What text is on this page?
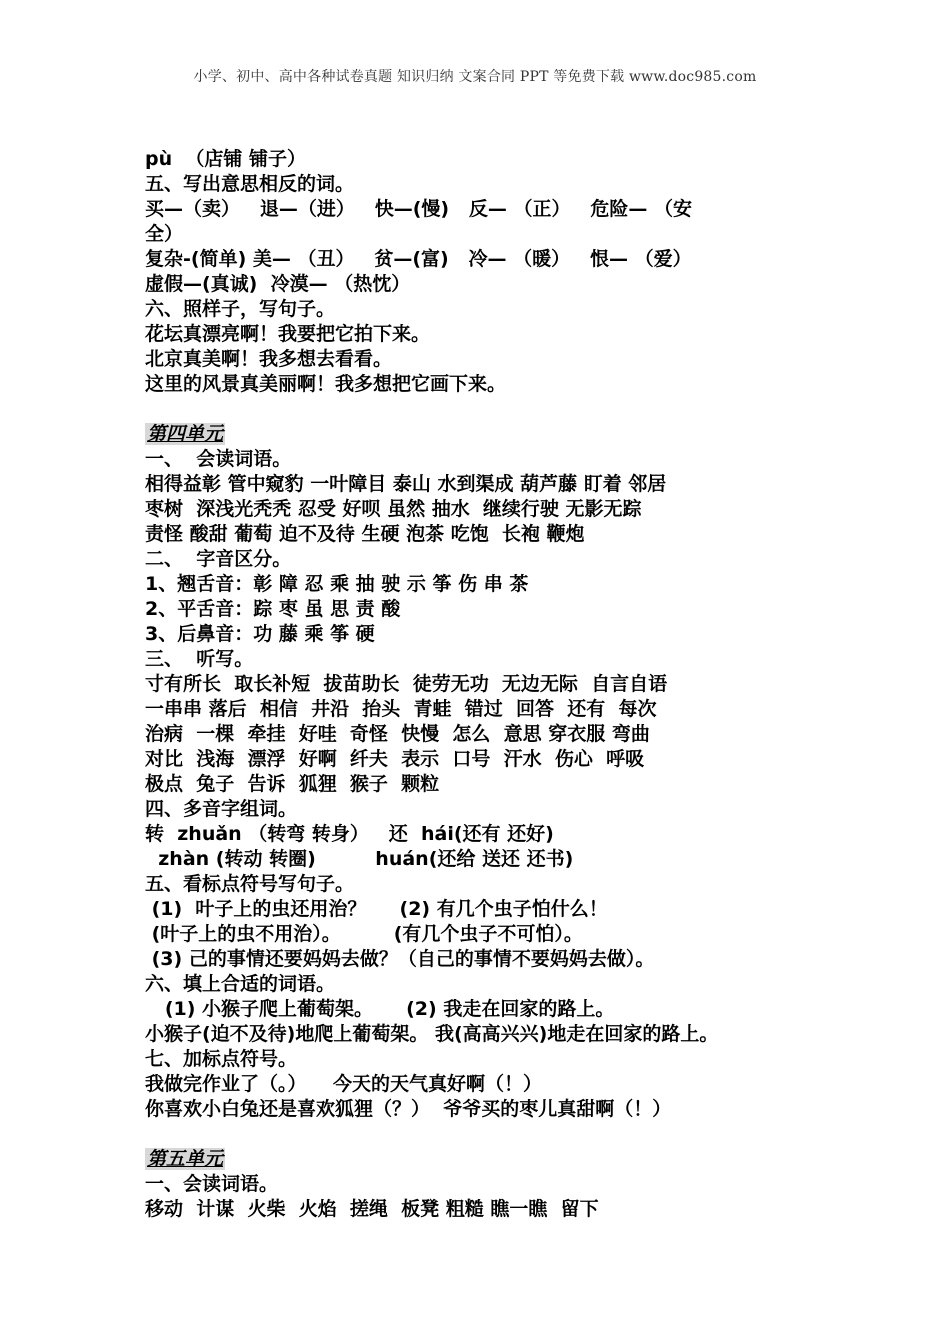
小学、初中、高中各种试卷真题 知识归纳 文案合同 PPT 等免费下载 www.doc985.com
pù  （店铺 铺子）
五、写出意思相反的词。
买—（卖）   退—（进）   快—(慢)   反— （正）   危险— （安
全）
复杂-(简单) 美— （丑）   贫—(富)   冷— （暖）   恨— （爱）
虚假—(真诚)  冷漠— （热忱）
六、照样子，写句子。
花坛真漂亮啊！我要把它拍下来。
北京真美啊！我多想去看看。
这里的风景真美丽啊！我多想把它画下来。
第四单元
一、  会读词语。
相得益彰 管中窥豹 一叶障目 泰山 水到渠成 葫芦藤 盯着 邻居
枣树  深浅光秃秃 忍受 好呗 虽然 抽水  继续行驶 无影无踪
责怪 酸甜 葡萄 迫不及待 生硬 泡茶 吃饱  长袍 鞭炮
二、  字音区分。
1、翘舌音：彰 障 忍 乘 抽 驶 示 筝 伤 串 茶
2、平舌音：踪 枣 虽 思 责 酸
3、后鼻音：功 藤 乘 筝 硬
三、  听写。
寸有所长  取长补短  拔苗助长  徒劳无功  无边无际  自言自语
一串串 落后  相信  井沿  抬头  青蛙  错过  回答  还有  每次
治病  一棵  牵挂  好哇  奇怪  快慢  怎么  意思 穿衣服 弯曲
对比  浅海  漂浮  好啊  纤夫  表示  口号  汗水  伤心  呼吸
极点  兔子  告诉  狐狸  猴子  颗粒
四、多音字组词。
转  zhuǎn （转弯 转身）   还  hái(还有 还好)
zhàn (转动 转圈)         huán(还给 送还 还书)
五、看标点符号写句子。
(1)  叶子上的虫还用治？     (2) 有几个虫子怕什么！
(叶子上的虫不用治）。        (有几个虫子不可怕）。
(3) 己的事情还要妈妈去做？（自己的事情不要妈妈去做）。
六、填上合适的词语。
(1) 小猴子爬上葡萄架。     (2) 我走在回家的路上。
小猴子(迫不及待)地爬上葡萄架。 我(高高兴兴)地走在回家的路上。
七、加标点符号。
我做完作业了（。）    今天的天气真好啊（！）
你喜欢小白兔还是喜欢狐狸（？）  爷爷买的枣儿真甜啊（！）
第五单元
一、会读词语。
移动  计谋  火柴  火焰  搓绳  板凳 粗糙 瞧一瞧  留下
